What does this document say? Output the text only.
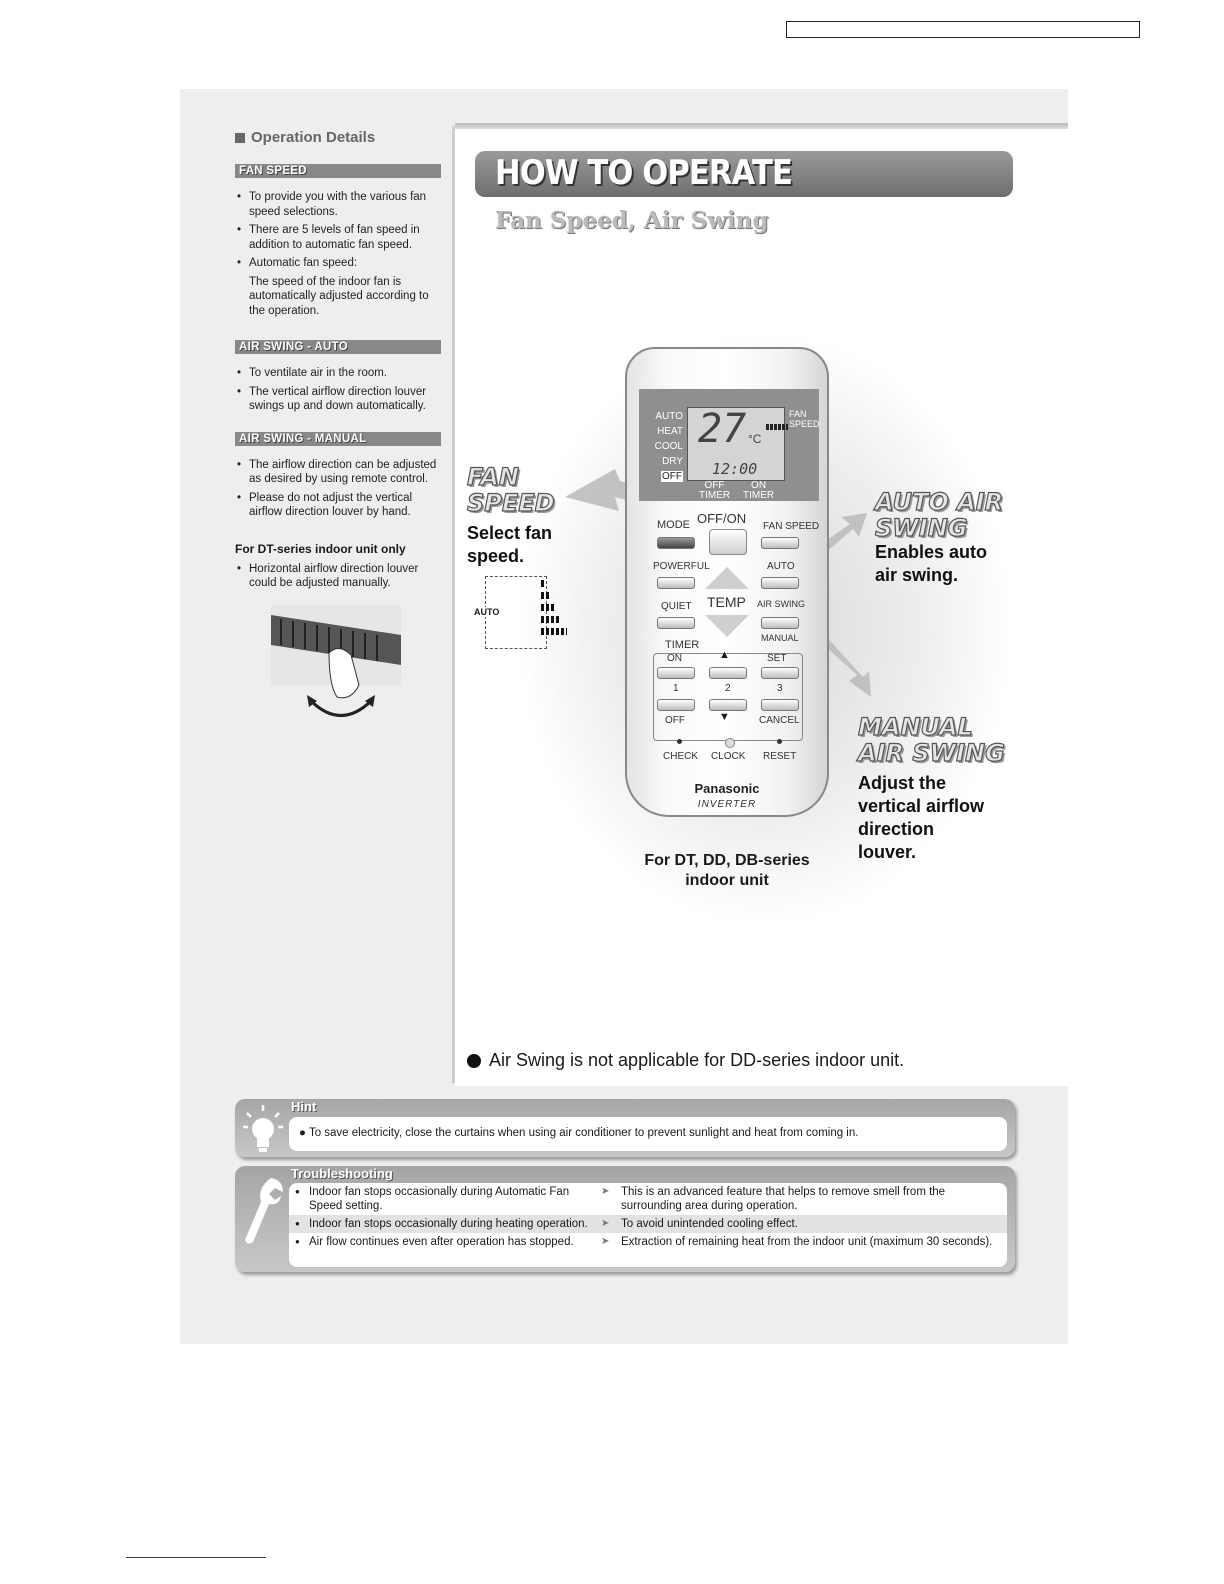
Operation Details
FAN SPEED
• To provide you with the various fan speed selections.
• There are 5 levels of fan speed in addition to automatic fan speed.
• Automatic fan speed:
The speed of the indoor fan is automatically adjusted according to the operation.
AIR SWING - AUTO
• To ventilate air in the room.
• The vertical airflow direction louver swings up and down automatically.
AIR SWING - MANUAL
• The airflow direction can be adjusted as desired by using remote control.
• Please do not adjust the vertical airflow direction louver by hand.
For DT-series indoor unit only
• Horizontal airflow direction louver could be adjusted manually.
HOW TO OPERATE
Fan Speed, Air Swing
FAN
SPEED
Select fan
speed.
AUTO
AUTO AIR
SWING
Enables auto
air swing.
MANUAL
AIR SWING
Adjust the
vertical airflow
direction
louver.
AUTO
HEAT
COOL
DRY
OFF
27 °C
12:00
FAN
SPEED
OFF
TIMER
ON
TIMER
MODE OFF/ON
FAN SPEED
POWERFUL
TEMP
AUTO
QUIET	AIR SWING
MANUAL
TIMER
ON	SET
▲
1	2	3
OFF	▼	CANCEL
CHECK CLOCK RESET
Panasonic
INVERTER
For DT, DD, DB-series
indoor unit
Air Swing is not applicable for DD-series indoor unit.
Hint

● To save electricity, close the curtains when using air conditioner to prevent sunlight and heat from coming in.

Troubleshooting
● Indoor fan stops occasionally during Automatic Fan Speed setting.
➤ This is an advanced feature that helps to remove smell from the surrounding area during operation.
● Indoor fan stops occasionally during heating operation.	➤ To avoid unintended cooling effect.
● Air flow continues even after operation has stopped.	➤ Extraction of remaining heat from the indoor unit (maximum 30 seconds).
